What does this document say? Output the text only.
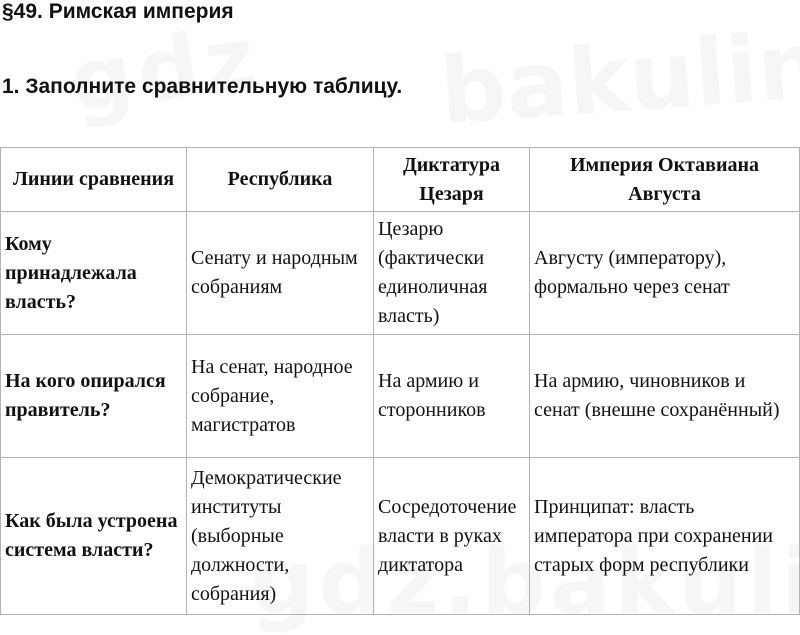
§49. Римская империя
1. Заполните сравнительную таблицу.
Линии сравнения	Республика	Диктатура Цезаря	Империя Октавиана Августа
Кому принадлежала власть?	Сенату и народным собраниям	Цезарю (фактически единоличная власть)	Августу (императору), формально через сенат
На кого опирался правитель?	На сенат, народное собрание, магистратов	На армию и сторонников	На армию, чиновников и сенат (внешне сохранённый)
Как была устроена система власти?	Демократические институты (выборные должности, собрания)	Сосредоточение власти в руках диктатора	Принципат: власть императора при сохранении старых форм республики
